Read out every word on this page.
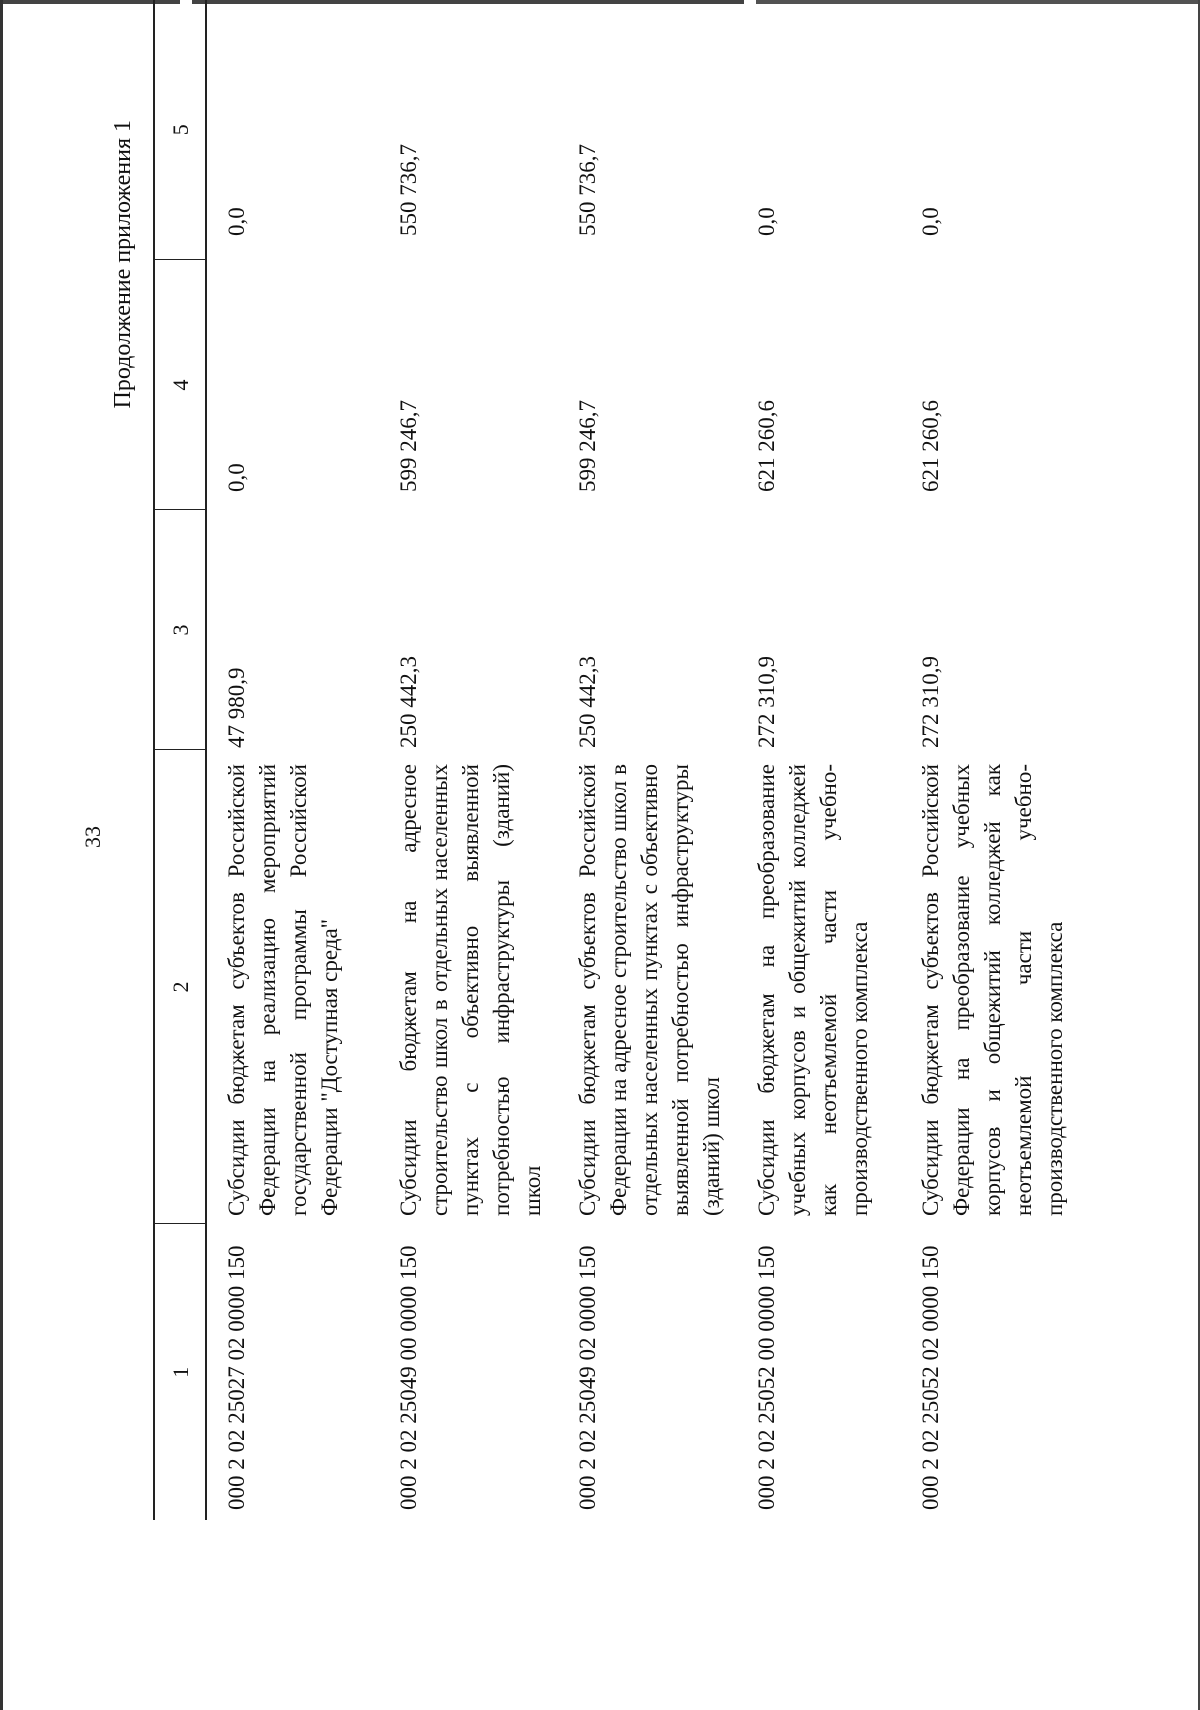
33
Продолжение приложения 1
1	2	3	4	5
000 2 02 25027 02 0000 150	Субсидии бюджетам субъектов Российской Федерации на реализацию мероприятий государственной программы Российской Федерации "Доступная среда"	47 980,9	0,0	0,0
000 2 02 25049 00 0000 150	Субсидии бюджетам на адресное строительство школ в отдельных населенных пунктах с объективно выявленной потребностью инфраструктуры (зданий) школ	250 442,3	599 246,7	550 736,7
000 2 02 25049 02 0000 150	Субсидии бюджетам субъектов Российской Федерации на адресное строительство школ в отдельных населенных пунктах с объективно выявленной потребностью инфраструктуры (зданий) школ	250 442,3	599 246,7	550 736,7
000 2 02 25052 00 0000 150	Субсидии бюджетам на преобразование учебных корпусов и общежитий колледжей как неотъемлемой части учебно-производственного комплекса	272 310,9	621 260,6	0,0
000 2 02 25052 02 0000 150	Субсидии бюджетам субъектов Российской Федерации на преобразование учебных корпусов и общежитий колледжей как неотъемлемой части учебно-производственного комплекса	272 310,9	621 260,6	0,0
